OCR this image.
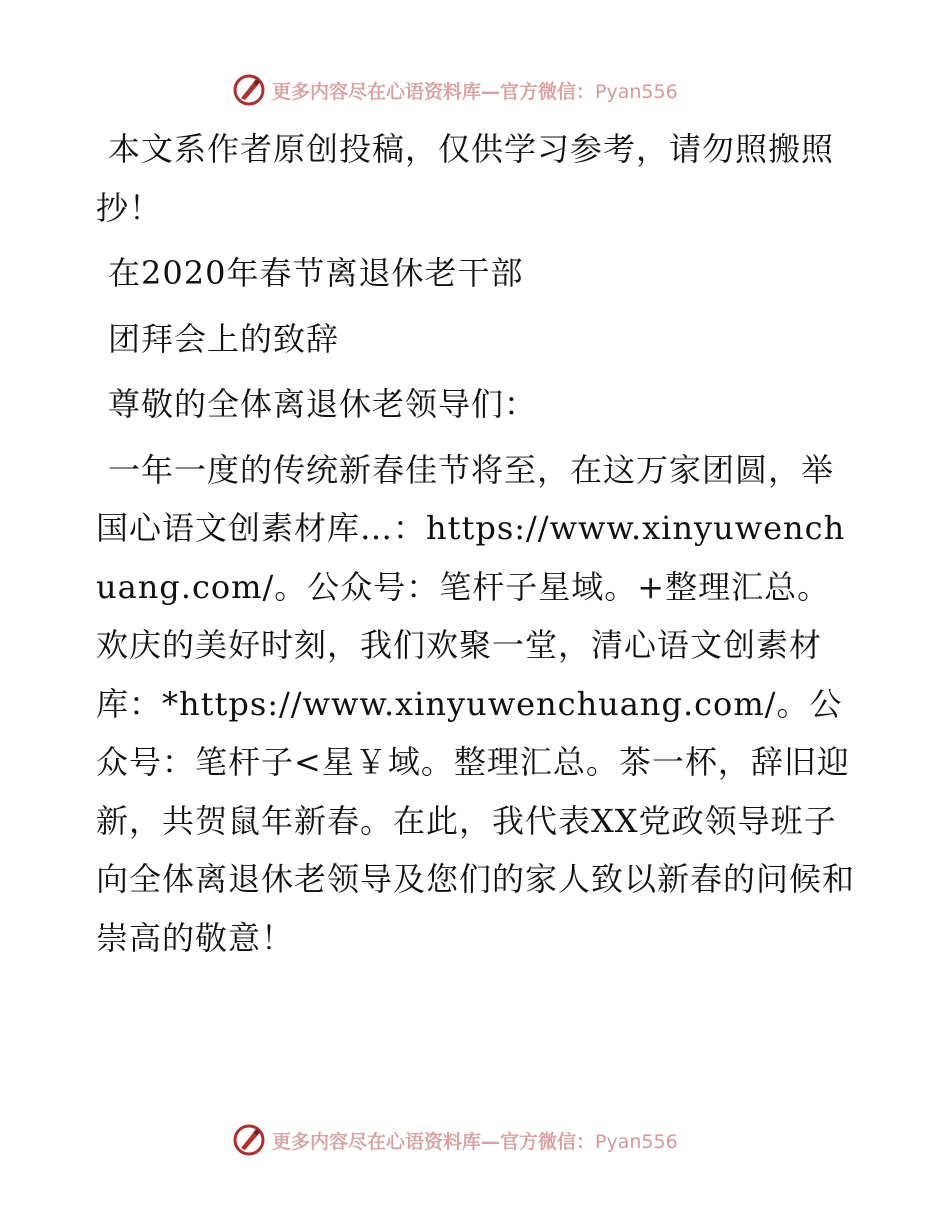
更多内容尽在心语资料库—官方微信：Pyan556

本文系作者原创投稿，仅供学习参考，请勿照搬照抄！

在2020年春节离退休老干部

团拜会上的致辞

尊敬的全体离退休老领导们：

一年一度的传统新春佳节将至，在这万家团圆，举国心语文创素材库…：https://www.xinyuwenchuang.com/。公众号：笔杆子星域。+整理汇总。欢庆的美好时刻，我们欢聚一堂，清心语文创素材库：*https://www.xinyuwenchuang.com/。公众号：笔杆子<星￥域。整理汇总。茶一杯，辞旧迎新，共贺鼠年新春。在此，我代表XX党政领导班子向全体离退休老领导及您们的家人致以新春的问候和崇高的敬意！

更多内容尽在心语资料库—官方微信：Pyan556
